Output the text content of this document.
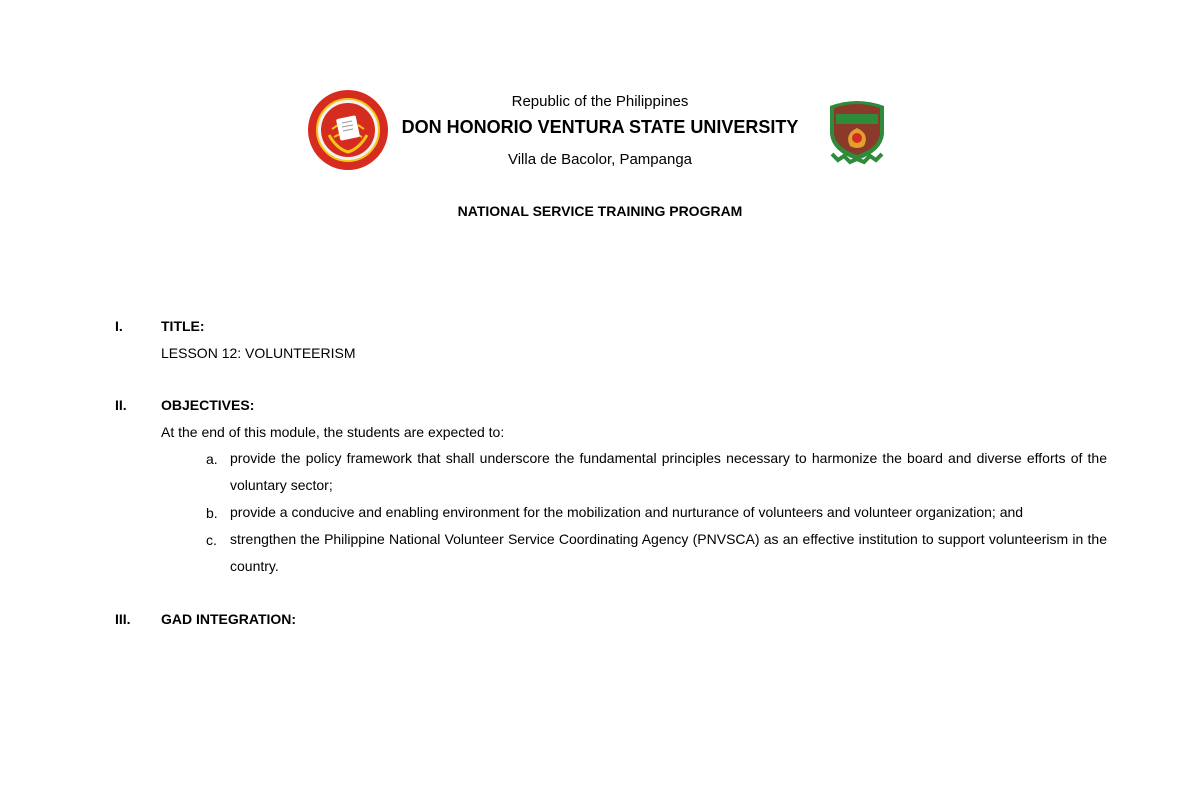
Republic of the Philippines
DON HONORIO VENTURA STATE UNIVERSITY
Villa de Bacolor, Pampanga
NATIONAL SERVICE TRAINING PROGRAM
I.	TITLE:
LESSON 12: VOLUNTEERISM
II. OBJECTIVES:
At the end of this module, the students are expected to:
a. provide the policy framework that shall underscore the fundamental principles necessary to harmonize the board and diverse efforts of the voluntary sector;
b. provide a conducive and enabling environment for the mobilization and nurturance of volunteers and volunteer organization; and
c. strengthen the Philippine National Volunteer Service Coordinating Agency (PNVSCA) as an effective institution to support volunteerism in the country.
III. GAD INTEGRATION:
